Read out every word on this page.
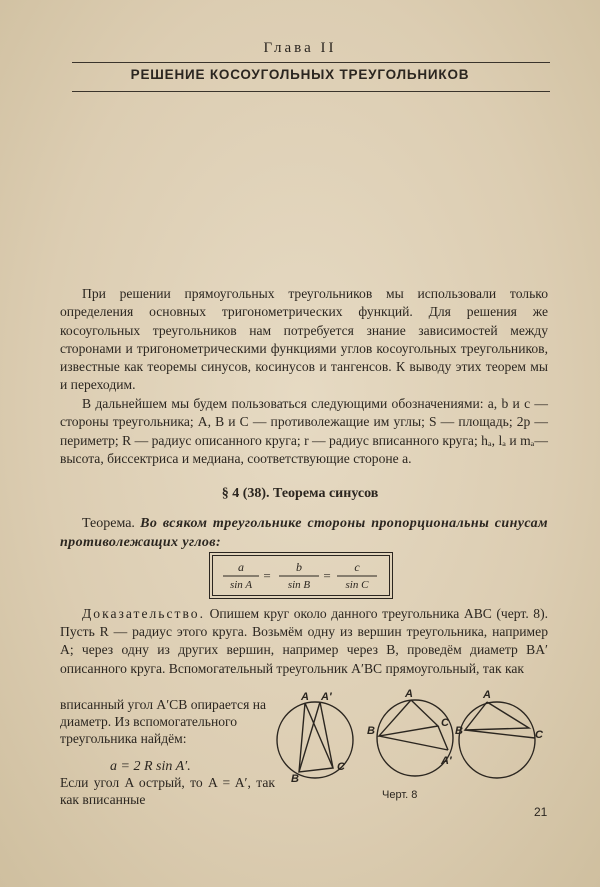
Глава II
РЕШЕНИЕ КОСОУГОЛЬНЫХ ТРЕУГОЛЬНИКОВ

При решении прямоугольных треугольников мы использовали только определения основных тригонометрических функций. Для решения же косоугольных треугольников нам потребуется знание зависимостей между сторонами и тригонометрическими функциями углов косоугольных треугольников, известные как теоремы синусов, косинусов и тангенсов. К выводу этих теорем мы и переходим.

В дальнейшем мы будем пользоваться следующими обозначениями: a, b и c — стороны треугольника; A, B и C — противолежащие им углы; S — площадь; 2p — периметр; R — радиус описанного круга; r — радиус вписанного круга; hₐ, lₐ и mₐ—высота, биссектриса и медиана, соответствующие стороне a.

§ 4 (38). Теорема синусов

Теорема. Во всяком треугольнике стороны пропорциональны синусам противолежащих углов:

a
sin A
=
b
sin B
=
c
sin C

Доказательство. Опишем круг около данного треугольника ABC (черт. 8). Пусть R — радиус этого круга. Возьмём одну из вершин треугольника, например A; через одну из других вершин, например через B, проведём диаметр BA′ описанного круга. Вспомогательный треугольник A′BC прямоугольный, так как

вписанный угол A′CB опирается на диаметр. Из вспомогательного треугольника найдём:
a = 2 R sin A′.
Если угол A острый, то A = A′, так как вписанные
A A′
B
C
A
B
C
A′
A
B	C
Черт. 8
21
